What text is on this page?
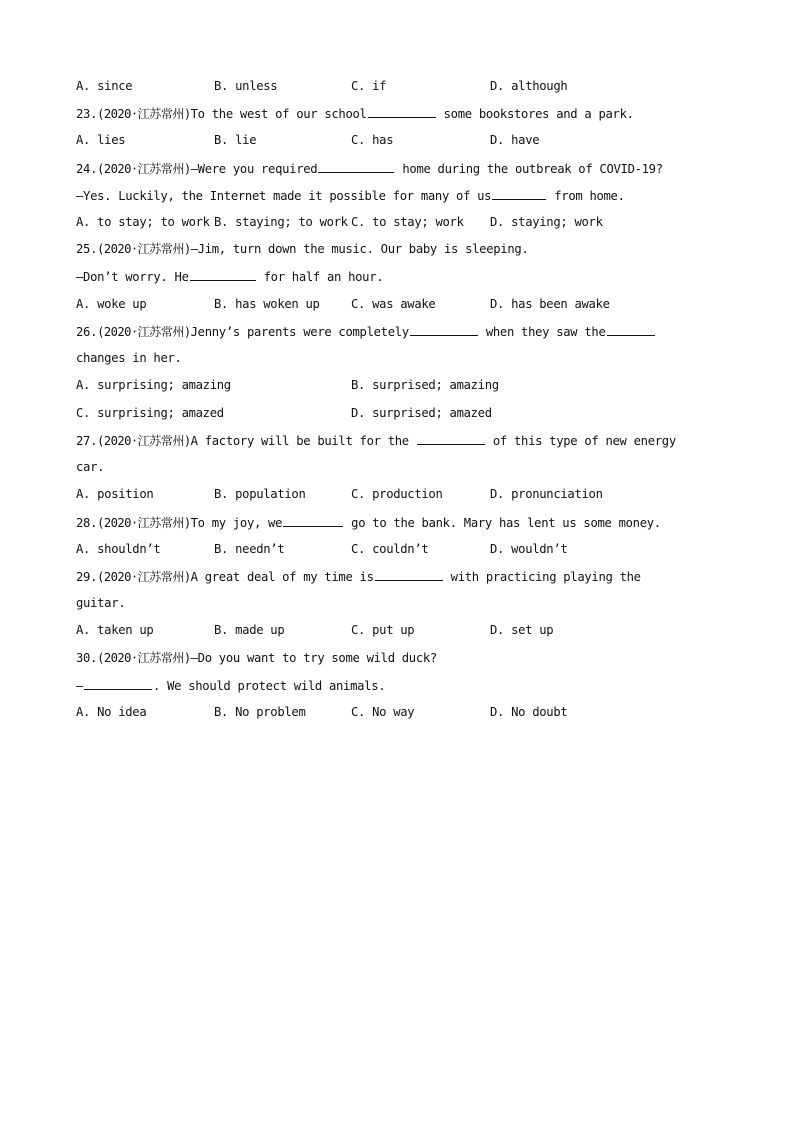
A. since

	B. unless

	C. if

	D. although

23.(2020·江苏常州)To the west of our school	some bookstores and a park.

A. lies

	B. lie

	C. has

	D. have

24.(2020·江苏常州)—Were you required	home during the outbreak of COVID-19?
—Yes. Luckily, the Internet made it possible for many of us	from home.

A. to stay; to work

B. staying; to work

C. to stay; work

D. staying; work

25.(2020·江苏常州)—Jim, turn down the music. Our baby is sleeping.
—Don’t worry. He	for half an hour.

A. woke up

	B. has woken up

	C. was awake

	D. has been awake

26.(2020·江苏常州)Jenny’s parents were completely	when they saw the
changes in her.

A. surprising; amazing

	B. surprised; amazing

C. surprising; amazed

	D. surprised; amazed

27.(2020·江苏常州)A factory will be built for the	of this type of new energy
car.

A. position

	B. population

	C. production

	D. pronunciation

28.(2020·江苏常州)To my joy, we	go to the bank. Mary has lent us some money.

A. shouldn’t

	B. needn’t

	C. couldn’t

	D. wouldn’t

29.(2020·江苏常州)A great deal of my time is	with practicing playing the
guitar.

A. taken up

	B. made up

	C. put up

	D. set up

30.(2020·江苏常州)—Do you want to try some wild duck?
—	. We should protect wild animals.

A. No idea

	B. No problem

	C. No way

	D. No doubt
